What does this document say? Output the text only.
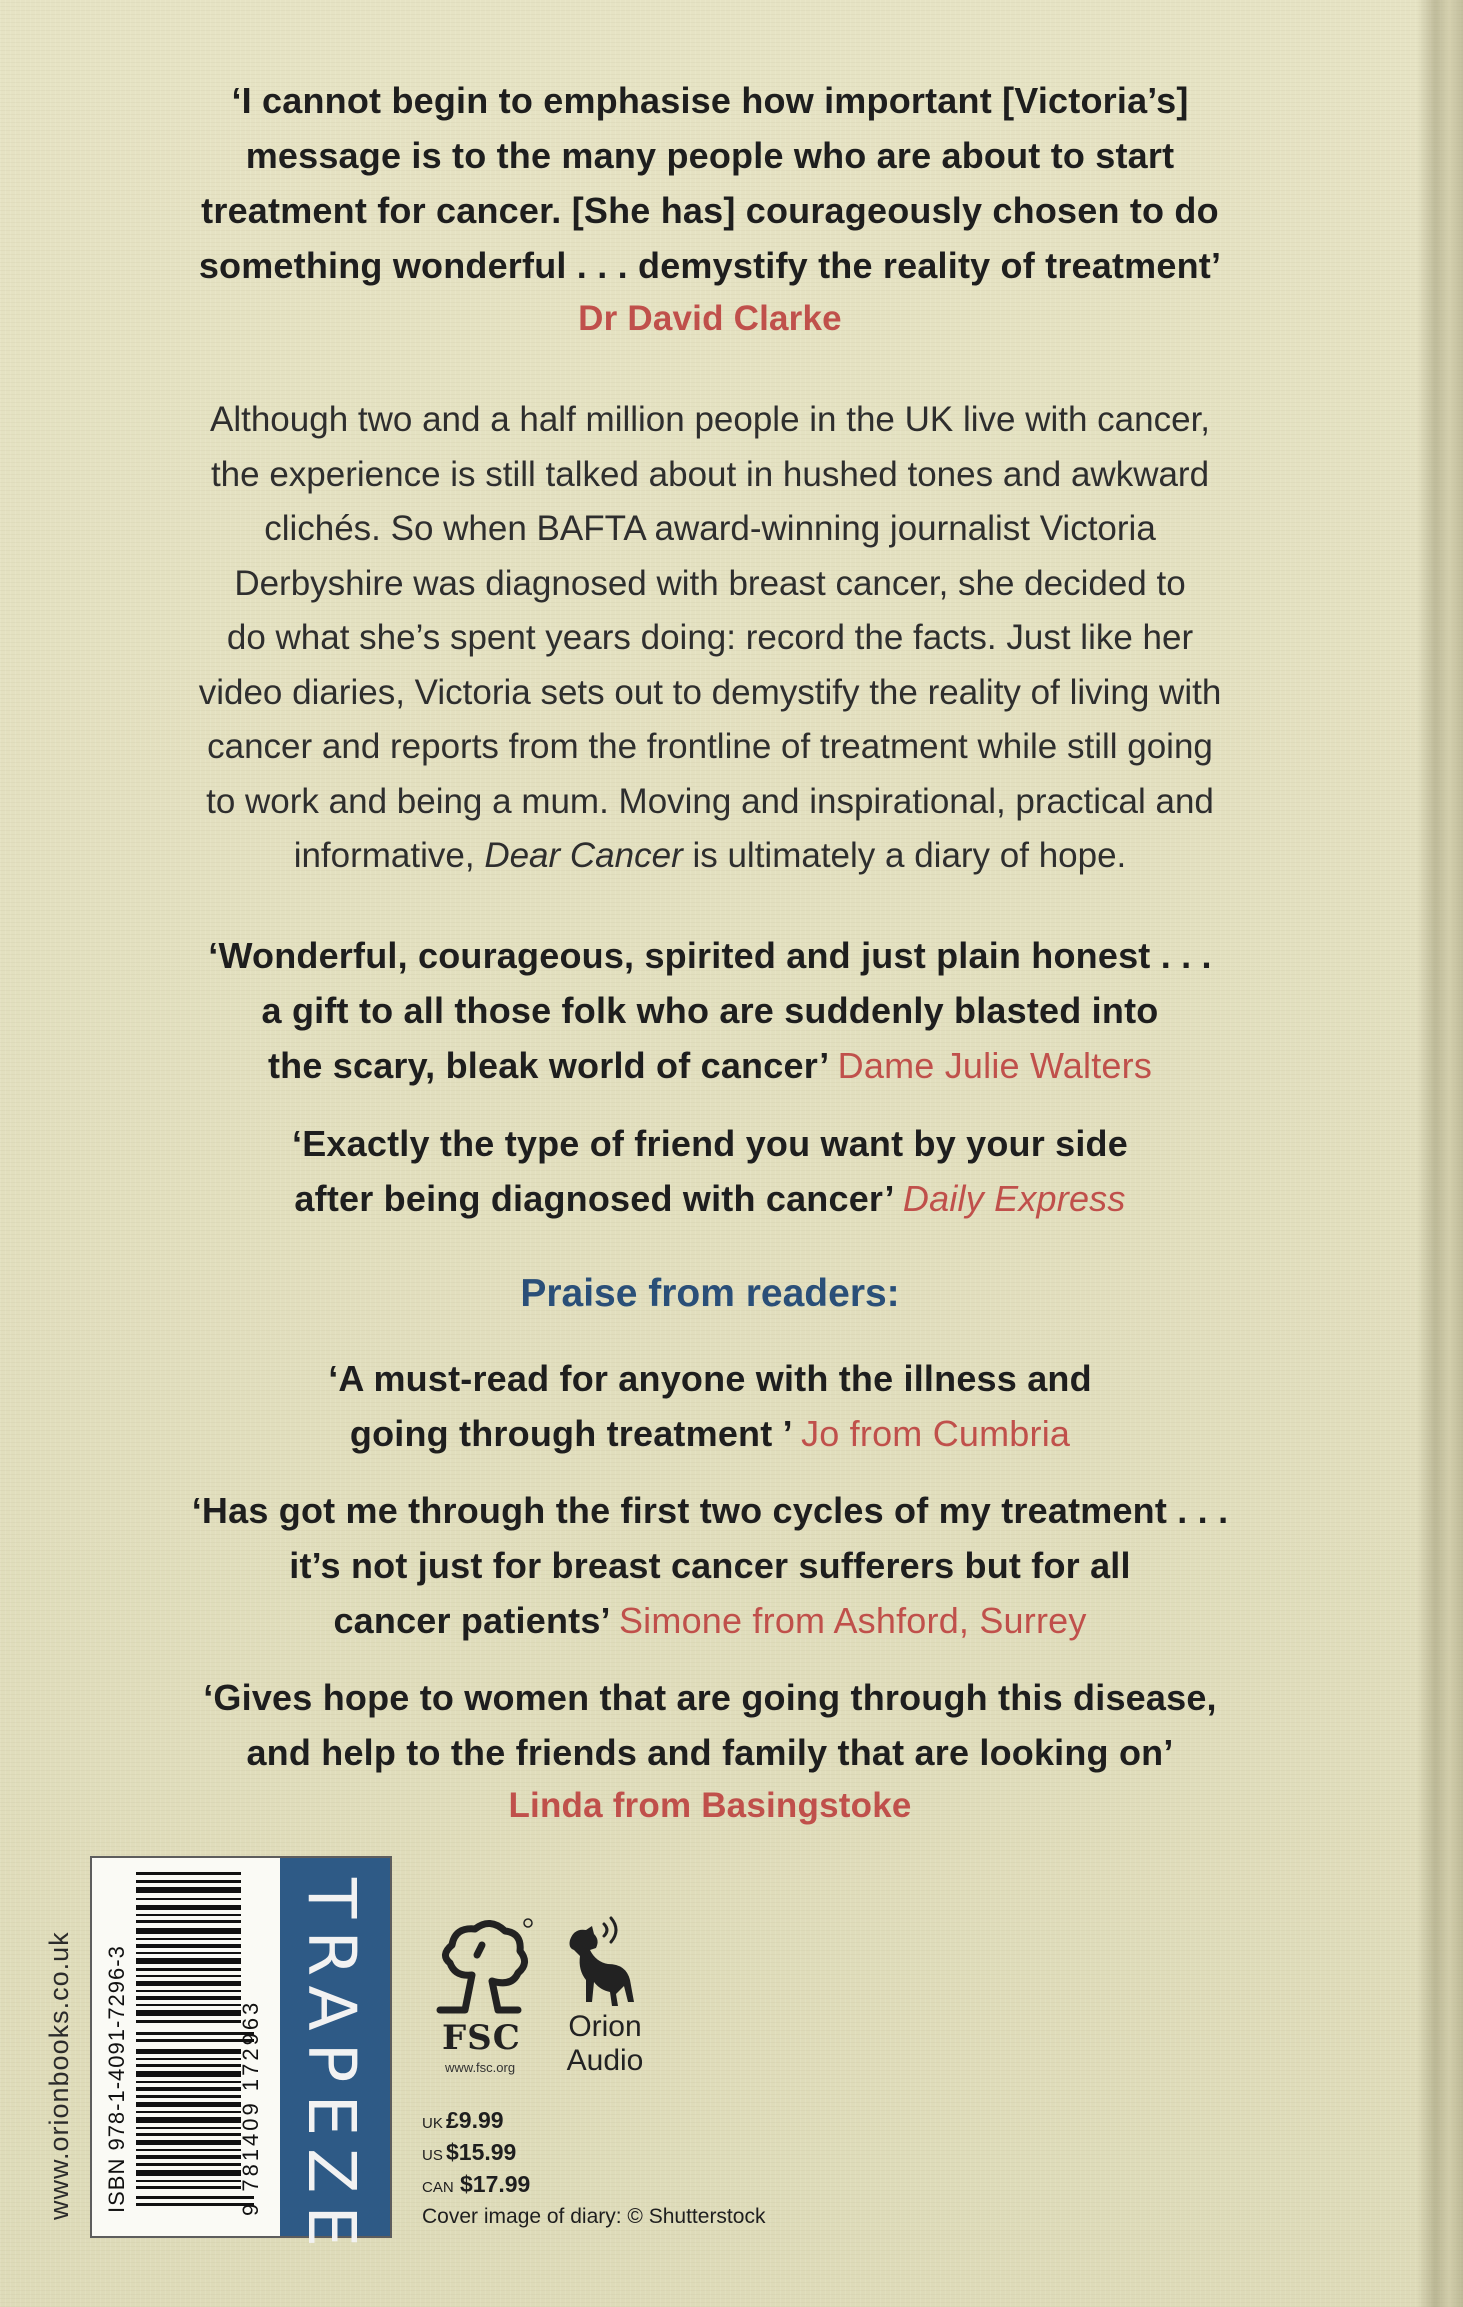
‘I cannot begin to emphasise how important [Victoria’s]
message is to the many people who are about to start
treatment for cancer. [She has] courageously chosen to do
something wonderful . . . demystify the reality of treatment’
Dr David Clarke
Although two and a half million people in the UK live with cancer,
the experience is still talked about in hushed tones and awkward
clichés. So when BAFTA award-winning journalist Victoria
Derbyshire was diagnosed with breast cancer, she decided to
do what she’s spent years doing: record the facts. Just like her
video diaries, Victoria sets out to demystify the reality of living with
cancer and reports from the frontline of treatment while still going
to work and being a mum. Moving and inspirational, practical and
informative, Dear Cancer is ultimately a diary of hope.
‘Wonderful, courageous, spirited and just plain honest . . .
a gift to all those folk who are suddenly blasted into
the scary, bleak world of cancer’ Dame Julie Walters
‘Exactly the type of friend you want by your side
after being diagnosed with cancer’ Daily Express
Praise from readers:
‘A must-read for anyone with the illness and
going through treatment ’ Jo from Cumbria
‘Has got me through the first two cycles of my treatment . . .
it’s not just for breast cancer sufferers but for all
cancer patients’ Simone from Ashford, Surrey
‘Gives hope to women that are going through this disease,
and help to the friends and family that are looking on’
Linda from Basingstoke
www.orionbooks.co.uk ISBN 978-1-4091-7296-3	9 781409 172963 TRAPEZE FSC
www.fsc.org
Orion
Audio
UK £9.99
US $15.99
CAN $17.99
Cover image of diary: © Shutterstock
